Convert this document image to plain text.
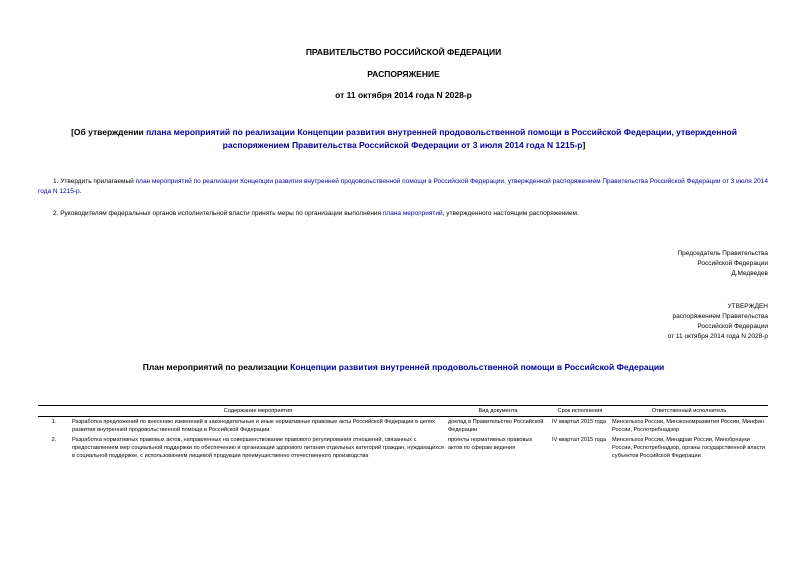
ПРАВИТЕЛЬСТВО РОССИЙСКОЙ ФЕДЕРАЦИИ
РАСПОРЯЖЕНИЕ
от 11 октября 2014 года N 2028-р
[Об утверждении плана мероприятий по реализации Концепции развития внутренней продовольственной помощи в Российской Федерации, утвержденной распоряжением Правительства Российской Федерации от 3 июля 2014 года N 1215-р]
1. Утвердить прилагаемый план мероприятий по реализации Концепции развития внутренней продовольственной помощи в Российской Федерации, утвержденной распоряжением Правительства Российской Федерации от 3 июля 2014 года N 1215-р.
2. Руководителям федеральных органов исполнительной власти принять меры по организации выполнения плана мероприятий, утвержденного настоящим распоряжением.
Председатель Правительства
Российской Федерации
Д.Медведев
УТВЕРЖДЕН
распоряжением Правительства
Российской Федерации
от 11 октября 2014 года N 2028-р
План мероприятий по реализации Концепции развития внутренней продовольственной помощи в Российской Федерации
	Содержание мероприятия	Вид документа	Срок исполнения	Ответственный исполнитель
1.	Разработка предложений по внесению изменений в законодательные и иные нормативные правовые акты Российской Федерации в целях развития внутренней продовольственной помощи в Российской Федерации	доклад в Правительство Российской Федерации	IV квартал 2015 года	Минсельхоз России, Минэкономразвития России, Минфин России, Роспотребнадзор
2.	Разработка нормативных правовых актов, направленных на совершенствование правового регулирования отношений, связанных с предоставлением мер социальной поддержки по обеспечению и организации здорового питания отдельных категорий граждан, нуждающихся в социальной поддержке, с использованием пищевой продукции преимущественно отечественного производства	проекты нормативных правовых актов по сферам ведения	IV квартал 2015 года	Минсельхоз России, Минздрав России, Минобрнауки России, Роспотребнадзор, органы государственной власти субъектов Российской Федерации
